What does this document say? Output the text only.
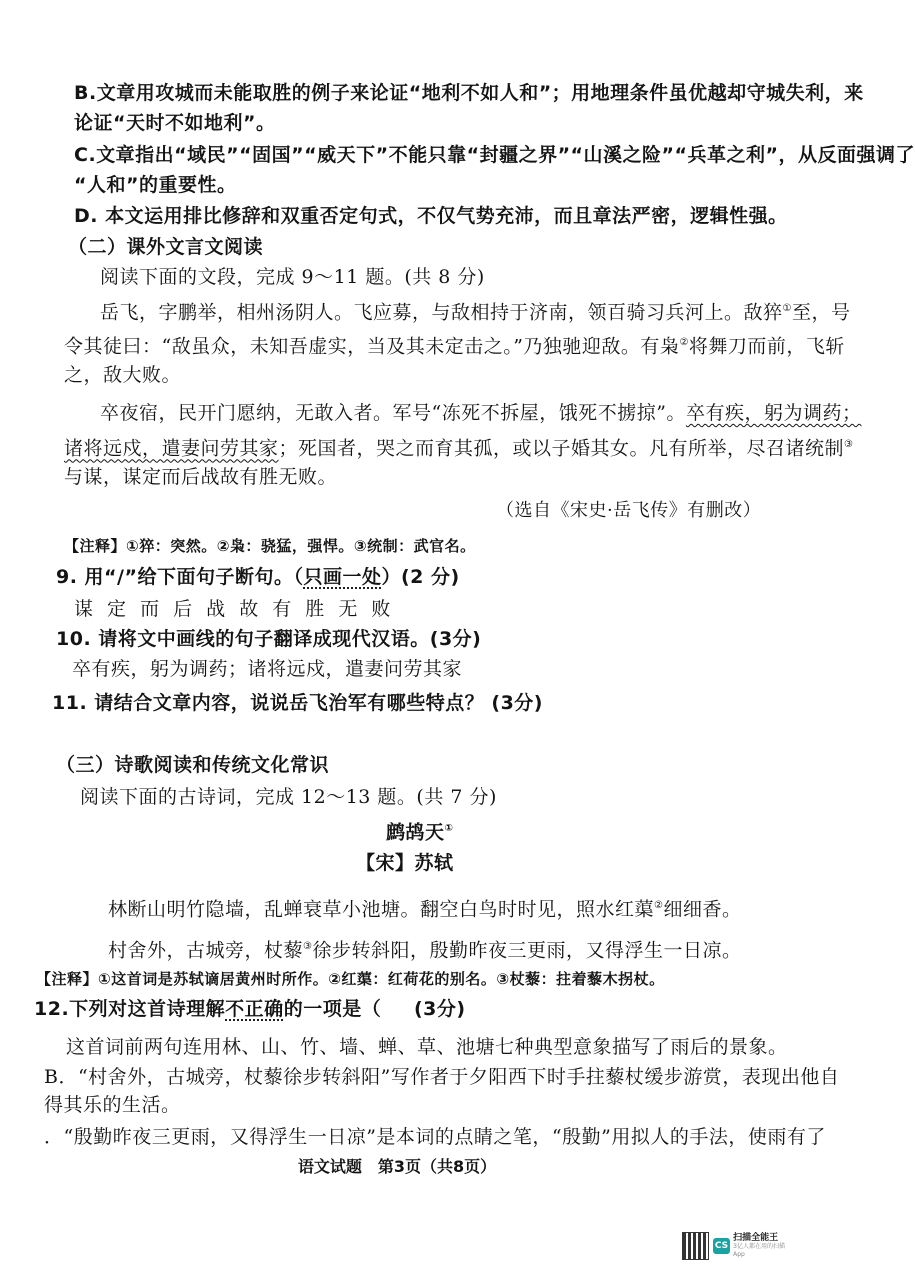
B.文章用攻城而未能取胜的例子来论证“地利不如人和”；用地理条件虽优越却守城失利，来
论证“天时不如地利”。
C.文章指出“域民”“固国”“威天下”不能只靠“封疆之界”“山溪之险”“兵革之利”，从反面强调了
“人和”的重要性。
D. 本文运用排比修辞和双重否定句式，不仅气势充沛，而且章法严密，逻辑性强。
（二）课外文言文阅读
阅读下面的文段，完成 9～11 题。(共 8 分)
岳飞，字鹏举，相州汤阴人。飞应募，与敌相持于济南，领百骑习兵河上。敌猝①至，号
令其徒曰：“敌虽众，未知吾虚实，当及其未定击之。”乃独驰迎敌。有枭②将舞刀而前，飞斩
之，敌大败。
卒夜宿，民开门愿纳，无敢入者。军号“冻死不拆屋，饿死不掳掠”。卒有疾，躬为调药；
诸将远戍，遣妻问劳其家；死国者，哭之而育其孤，或以子婚其女。凡有所举，尽召诸统制③
与谋，谋定而后战故有胜无败。
（选自《宋史·岳飞传》有删改）
【注释】①猝：突然。②枭：骁猛，强悍。③统制：武官名。
9. 用“/”给下面句子断句。（只画一处）(2 分)
谋 定 而 后 战 故 有 胜 无 败
10. 请将文中画线的句子翻译成现代汉语。(3分)
卒有疾，躬为调药；诸将远戍，遣妻问劳其家
11. 请结合文章内容，说说岳飞治军有哪些特点？ (3分)
（三）诗歌阅读和传统文化常识
阅读下面的古诗词，完成 12～13 题。(共 7 分)
鹧鸪天①
【宋】苏轼
林断山明竹隐墙，乱蝉衰草小池塘。翻空白鸟时时见，照水红蕖②细细香。
村舍外，古城旁，杖藜③徐步转斜阳，殷勤昨夜三更雨，又得浮生一日凉。
【注释】①这首词是苏轼谪居黄州时所作。②红蕖：红荷花的别名。③杖藜：拄着藜木拐杖。
12.下列对这首诗理解不正确的一项是（ (3分)
这首词前两句连用林、山、竹、墙、蝉、草、池塘七种典型意象描写了雨后的景象。
B．“村舍外，古城旁，杖藜徐步转斜阳”写作者于夕阳西下时手拄藜杖缓步游赏，表现出他自
得其乐的生活。
．“殷勤昨夜三更雨，又得浮生一日凉”是本词的点睛之笔，“殷勤”用拟人的手法，使雨有了
语文试题　第3页（共8页）
CS
扫描全能王
3亿人都在用的扫描App
